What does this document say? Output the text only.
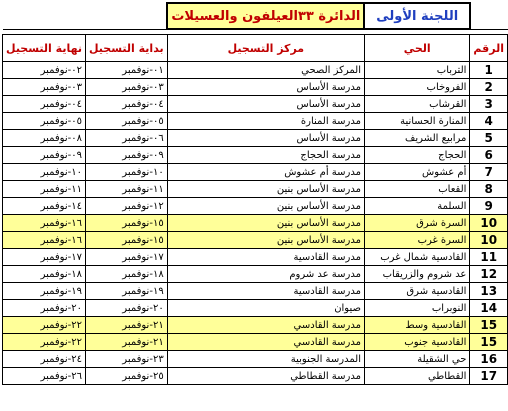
		الدائرة ٣٣العيلفون والعسيلات	اللجنة الأولى	

نهاية التسجيل	بداية التسجيل	مركز التسجيل	الحي	الرقم
٠٢-نوفمبر	٠١-نوفمبر	المركز الصحي	الترباب	1
٠٣-نوفمبر	٠٣-نوفمبر	مدرسة الأساس	الفروخاب	2
٠٤-نوفمبر	٠٤-نوفمبر	مدرسة الأساس	القرشاب	3
٠٥-نوفمبر	٠٥-نوفمبر	مدرسة المنارة	المنارة الحسانية	4
٠٨-نوفمبر	٠٦-نوفمبر	مدرسة الأساس	مرابيع الشريف	5
٠٩-نوفمبر	٠٩-نوفمبر	مدرسة الحجاج	الحجاج	6
١٠-نوفمبر	١٠-نوفمبر	مدرسة أم عشوش	أم عشوش	7
١١-نوفمبر	١١-نوفمبر	مدرسة الأساس بنين	القعاب	8
١٤-نوفمبر	١٢-نوفمبر	مدرسة الأساس بنين	السلمة	9
١٦-نوفمبر	١٥-نوفمبر	مدرسة الأساس بنين	السرة شرق	10
١٦-نوفمبر	١٥-نوفمبر	مدرسة الأساس بنين	السرة غرب	10
١٧-نوفمبر	١٧-نوفمبر	مدرسة القادسية	القادسية شمال غرب	11
١٨-نوفمبر	١٨-نوفمبر	مدرسة عد شروم	عد شروم والزريقاب	12
١٩-نوفمبر	١٩-نوفمبر	مدرسة القادسية	القادسية شرق	13
٢٠-نوفمبر	٢٠-نوفمبر	صيوان	النوبراب	14
٢٢-نوفمبر	٢١-نوفمبر	مدرسة القادسي	القادسية وسط	15
٢٢-نوفمبر	٢١-نوفمبر	مدرسة القادسي	القادسية جنوب	15
٢٤-نوفمبر	٢٣-نوفمبر	المدرسة الجنوبية	حي الشقيلة	16
٢٦-نوفمبر	٢٥-نوفمبر	مدرسة القطاطي	القطاطي	17
